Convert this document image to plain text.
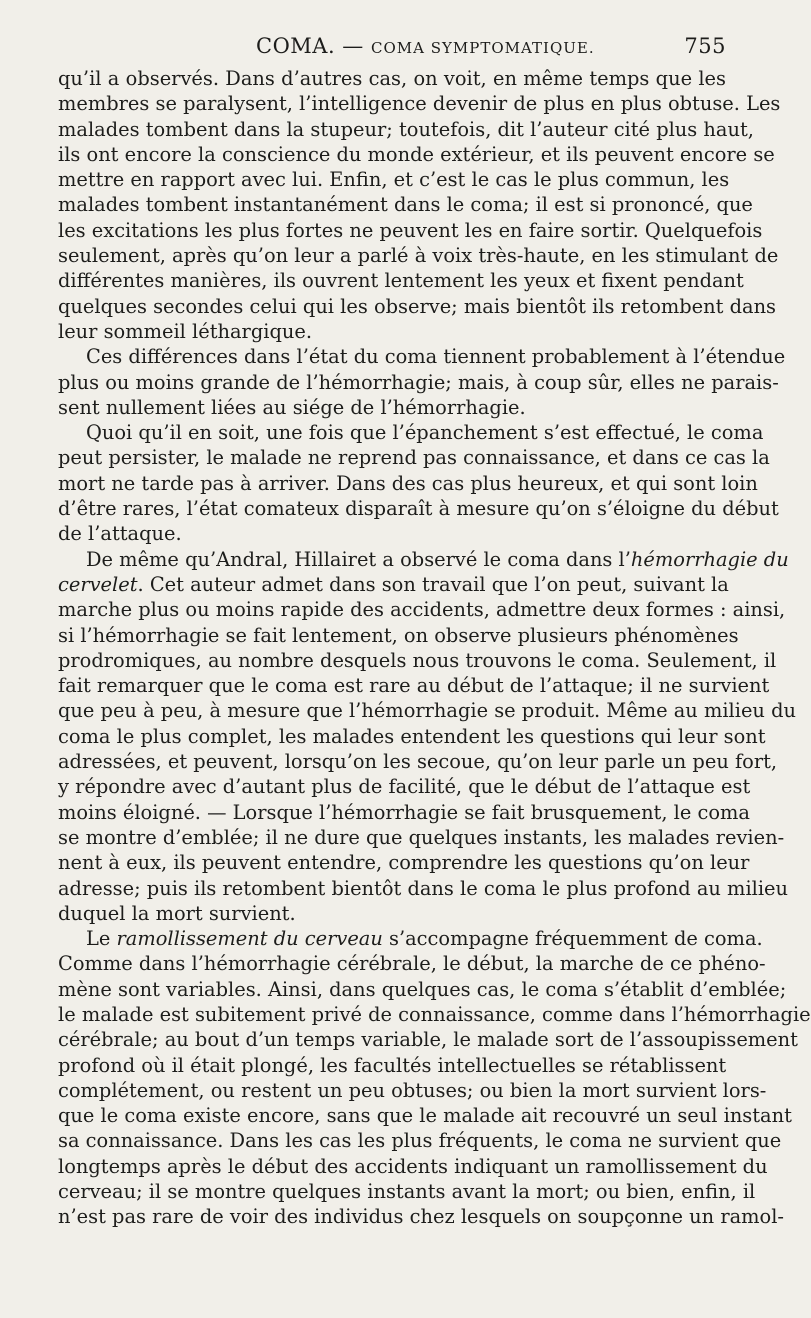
COMA. — COMA SYMPTOMATIQUE.	755

qu’il a observés. Dans d’autres cas, on voit, en même temps que les
membres se paralysent, l’intelligence devenir de plus en plus obtuse. Les
malades tombent dans la stupeur; toutefois, dit l’auteur cité plus haut,
ils ont encore la conscience du monde extérieur, et ils peuvent encore se
mettre en rapport avec lui. Enfin, et c’est le cas le plus commun, les
malades tombent instantanément dans le coma; il est si prononcé, que
les excitations les plus fortes ne peuvent les en faire sortir. Quelquefois
seulement, après qu’on leur a parlé à voix très-haute, en les stimulant de
différentes manières, ils ouvrent lentement les yeux et fixent pendant
quelques secondes celui qui les observe; mais bientôt ils retombent dans
leur sommeil léthargique.

Ces différences dans l’état du coma tiennent probablement à l’étendue
plus ou moins grande de l’hémorrhagie; mais, à coup sûr, elles ne parais-
sent nullement liées au siége de l’hémorrhagie.

Quoi qu’il en soit, une fois que l’épanchement s’est effectué, le coma
peut persister, le malade ne reprend pas connaissance, et dans ce cas la
mort ne tarde pas à arriver. Dans des cas plus heureux, et qui sont loin
d’être rares, l’état comateux disparaît à mesure qu’on s’éloigne du début
de l’attaque.

De même qu’Andral, Hillairet a observé le coma dans l’hémorrhagie du
cervelet. Cet auteur admet dans son travail que l’on peut, suivant la
marche plus ou moins rapide des accidents, admettre deux formes : ainsi,
si l’hémorrhagie se fait lentement, on observe plusieurs phénomènes
prodromiques, au nombre desquels nous trouvons le coma. Seulement, il
fait remarquer que le coma est rare au début de l’attaque; il ne survient
que peu à peu, à mesure que l’hémorrhagie se produit. Même au milieu du
coma le plus complet, les malades entendent les questions qui leur sont
adressées, et peuvent, lorsqu’on les secoue, qu’on leur parle un peu fort,
y répondre avec d’autant plus de facilité, que le début de l’attaque est
moins éloigné. — Lorsque l’hémorrhagie se fait brusquement, le coma
se montre d’emblée; il ne dure que quelques instants, les malades revien-
nent à eux, ils peuvent entendre, comprendre les questions qu’on leur
adresse; puis ils retombent bientôt dans le coma le plus profond au milieu
duquel la mort survient.

Le ramollissement du cerveau s’accompagne fréquemment de coma.
Comme dans l’hémorrhagie cérébrale, le début, la marche de ce phéno-
mène sont variables. Ainsi, dans quelques cas, le coma s’établit d’emblée;
le malade est subitement privé de connaissance, comme dans l’hémorrhagie
cérébrale; au bout d’un temps variable, le malade sort de l’assoupissement
profond où il était plongé, les facultés intellectuelles se rétablissent
complétement, ou restent un peu obtuses; ou bien la mort survient lors-
que le coma existe encore, sans que le malade ait recouvré un seul instant
sa connaissance. Dans les cas les plus fréquents, le coma ne survient que
longtemps après le début des accidents indiquant un ramollissement du
cerveau; il se montre quelques instants avant la mort; ou bien, enfin, il
n’est pas rare de voir des individus chez lesquels on soupçonne un ramol-
